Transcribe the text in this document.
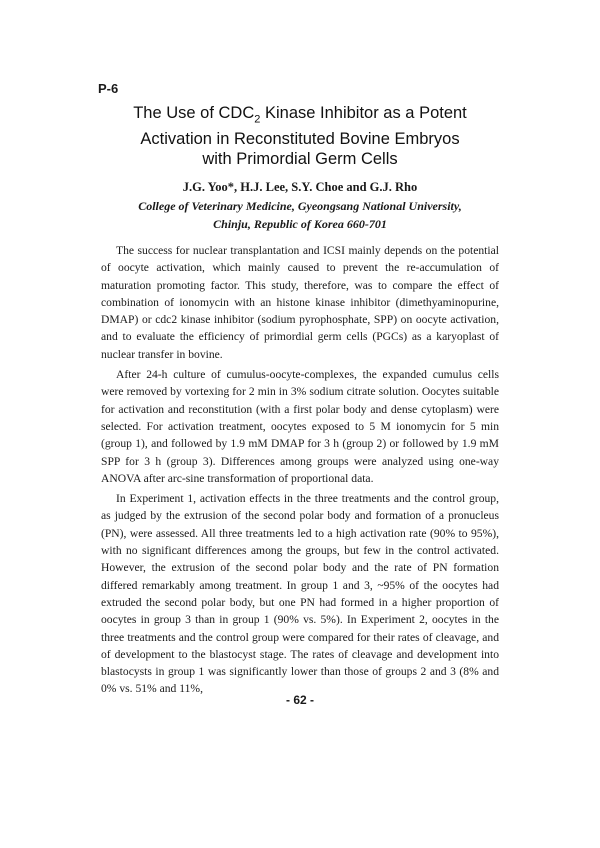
P-6
The Use of $CDC_2$ Kinase Inhibitor as a Potent
Activation in Reconstituted Bovine Embryos
with Primordial Germ Cells
J.G. Yoo*, H.J. Lee, S.Y. Choe and G.J. Rho
College of Veterinary Medicine, Gyeongsang National University,
Chinju, Republic of Korea 660-701

The success for nuclear transplantation and ICSI mainly depends on the potential of oocyte activation, which mainly caused to prevent the re-accumulation of maturation promoting factor. This study, therefore, was to compare the effect of combination of ionomycin with an histone kinase inhibitor (dimethyaminopurine, DMAP) or cdc2 kinase inhibitor (sodium pyrophosphate, SPP) on oocyte activation, and to evaluate the efficiency of primordial germ cells (PGCs) as a karyoplast of nuclear transfer in bovine.

After 24-h culture of cumulus-oocyte-complexes, the expanded cumulus cells were removed by vortexing for 2 min in 3% sodium citrate solution. Oocytes suitable for activation and reconstitution (with a first polar body and dense cytoplasm) were selected. For activation treatment, oocytes exposed to 5 M ionomycin for 5 min (group 1), and followed by 1.9 mM DMAP for 3 h (group 2) or followed by 1.9 mM SPP for 3 h (group 3). Differences among groups were analyzed using one-way ANOVA after arc-sine transformation of proportional data.

In Experiment 1, activation effects in the three treatments and the control group, as judged by the extrusion of the second polar body and formation of a pronucleus (PN), were assessed. All three treatments led to a high activation rate (90% to 95%), with no significant differences among the groups, but few in the control activated. However, the extrusion of the second polar body and the rate of PN formation differed remarkably among treatment. In group 1 and 3, ~95% of the oocytes had extruded the second polar body, but one PN had formed in a higher proportion of oocytes in group 3 than in group 1 (90% vs. 5%). In Experiment 2, oocytes in the three treatments and the control group were compared for their rates of cleavage, and of development to the blastocyst stage. The rates of cleavage and development into blastocysts in group 1 was significantly lower than those of groups 2 and 3 (8% and 0% vs. 51% and 11%,

- 62 -
